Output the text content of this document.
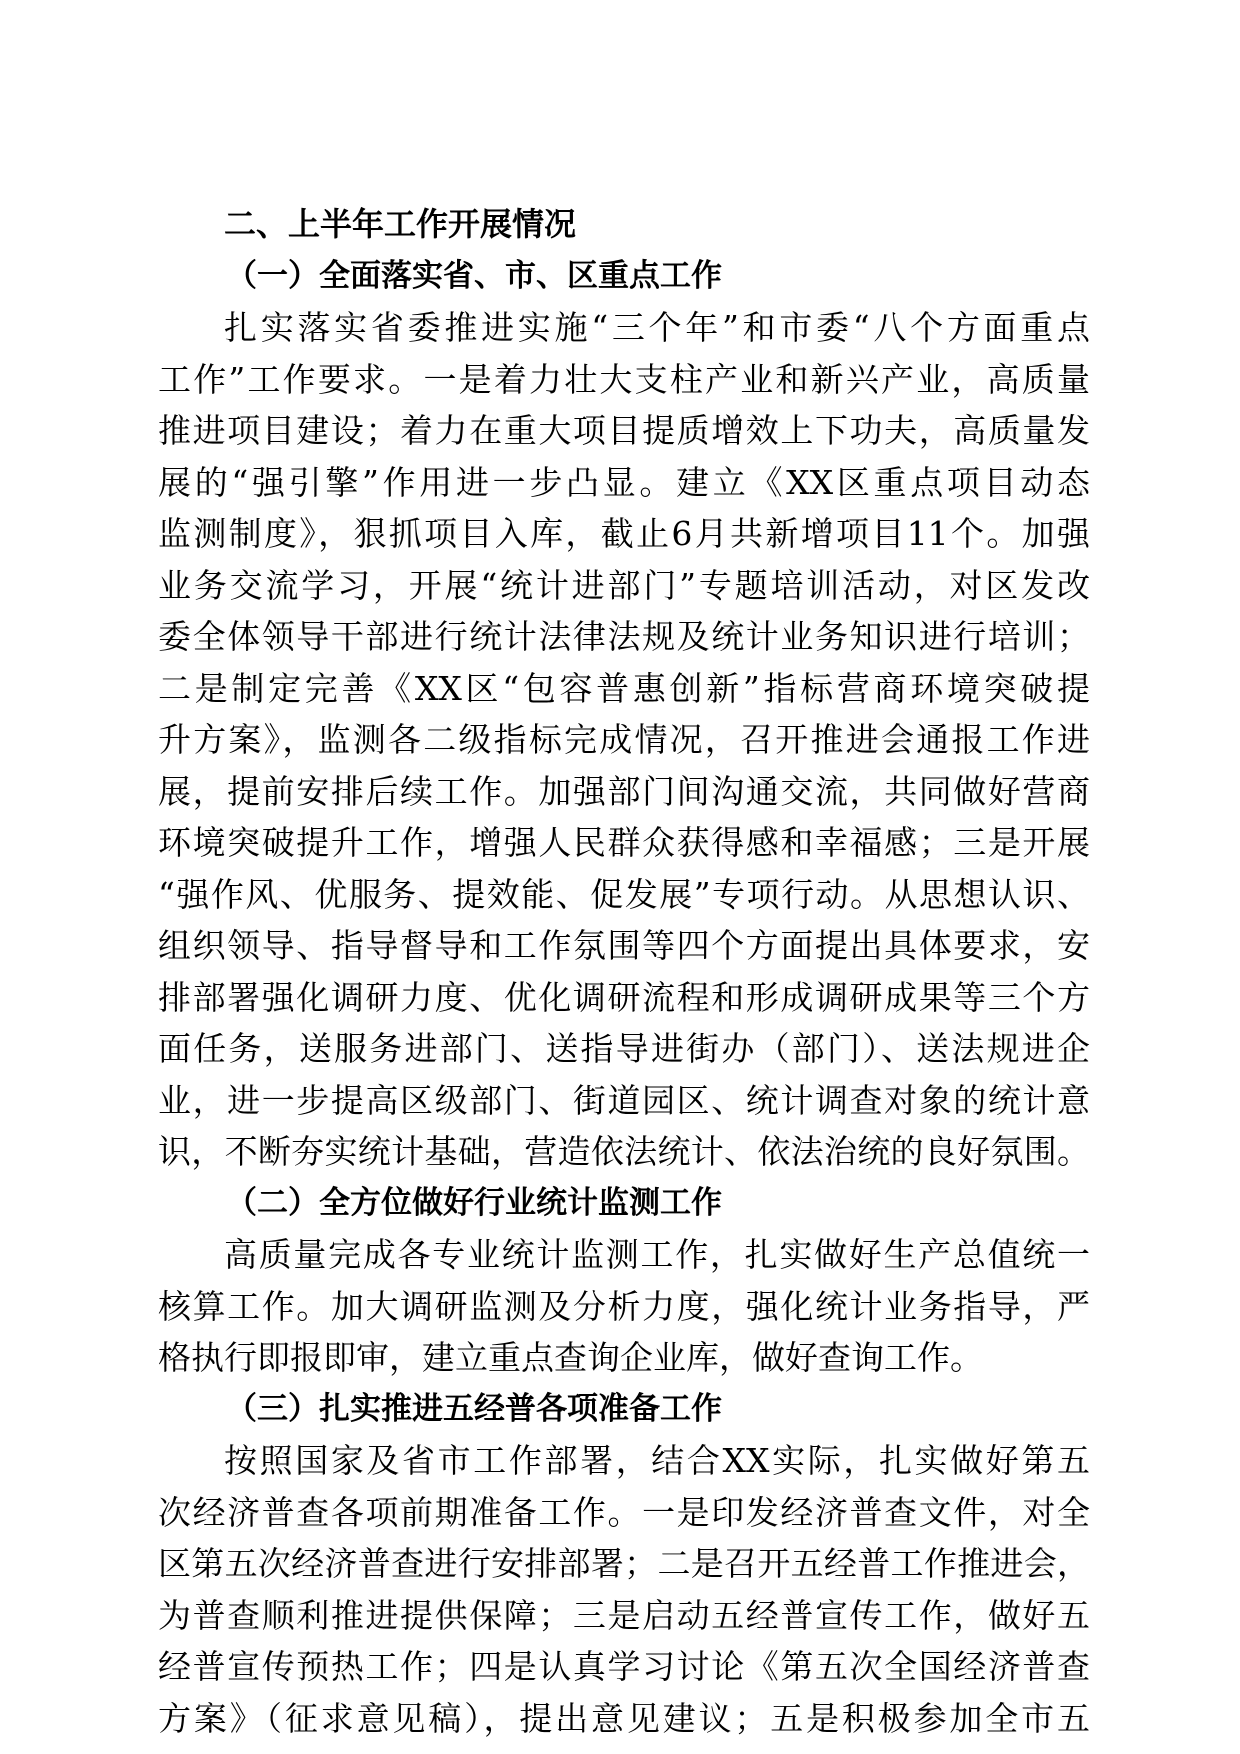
二、上半年工作开展情况
（一）全面落实省、市、区重点工作
扎实落实省委推进实施“三个年”和市委“八个方面重点
工作”工作要求。一是着力壮大支柱产业和新兴产业，高质量
推进项目建设；着力在重大项目提质增效上下功夫，高质量发
展的“强引擎”作用进一步凸显。建立《XX区重点项目动态
监测制度》，狠抓项目入库，截止6月共新增项目11个。加强
业务交流学习，开展“统计进部门”专题培训活动，对区发改
委全体领导干部进行统计法律法规及统计业务知识进行培训；
二是制定完善《XX区“包容普惠创新”指标营商环境突破提
升方案》，监测各二级指标完成情况，召开推进会通报工作进
展，提前安排后续工作。加强部门间沟通交流，共同做好营商
环境突破提升工作，增强人民群众获得感和幸福感；三是开展
“强作风、优服务、提效能、促发展”专项行动。从思想认识、
组织领导、指导督导和工作氛围等四个方面提出具体要求，安
排部署强化调研力度、优化调研流程和形成调研成果等三个方
面任务，送服务进部门、送指导进街办（部门）、送法规进企
业，进一步提高区级部门、街道园区、统计调查对象的统计意
识，不断夯实统计基础，营造依法统计、依法治统的良好氛围。
（二）全方位做好行业统计监测工作
高质量完成各专业统计监测工作，扎实做好生产总值统一
核算工作。加大调研监测及分析力度，强化统计业务指导，严
格执行即报即审，建立重点查询企业库，做好查询工作。
（三）扎实推进五经普各项准备工作
按照国家及省市工作部署，结合XX实际，扎实做好第五
次经济普查各项前期准备工作。一是印发经济普查文件，对全
区第五次经济普查进行安排部署；二是召开五经普工作推进会，
为普查顺利推进提供保障；三是启动五经普宣传工作，做好五
经普宣传预热工作；四是认真学习讨论《第五次全国经济普查
方案》（征求意见稿），提出意见建议；五是积极参加全市五
